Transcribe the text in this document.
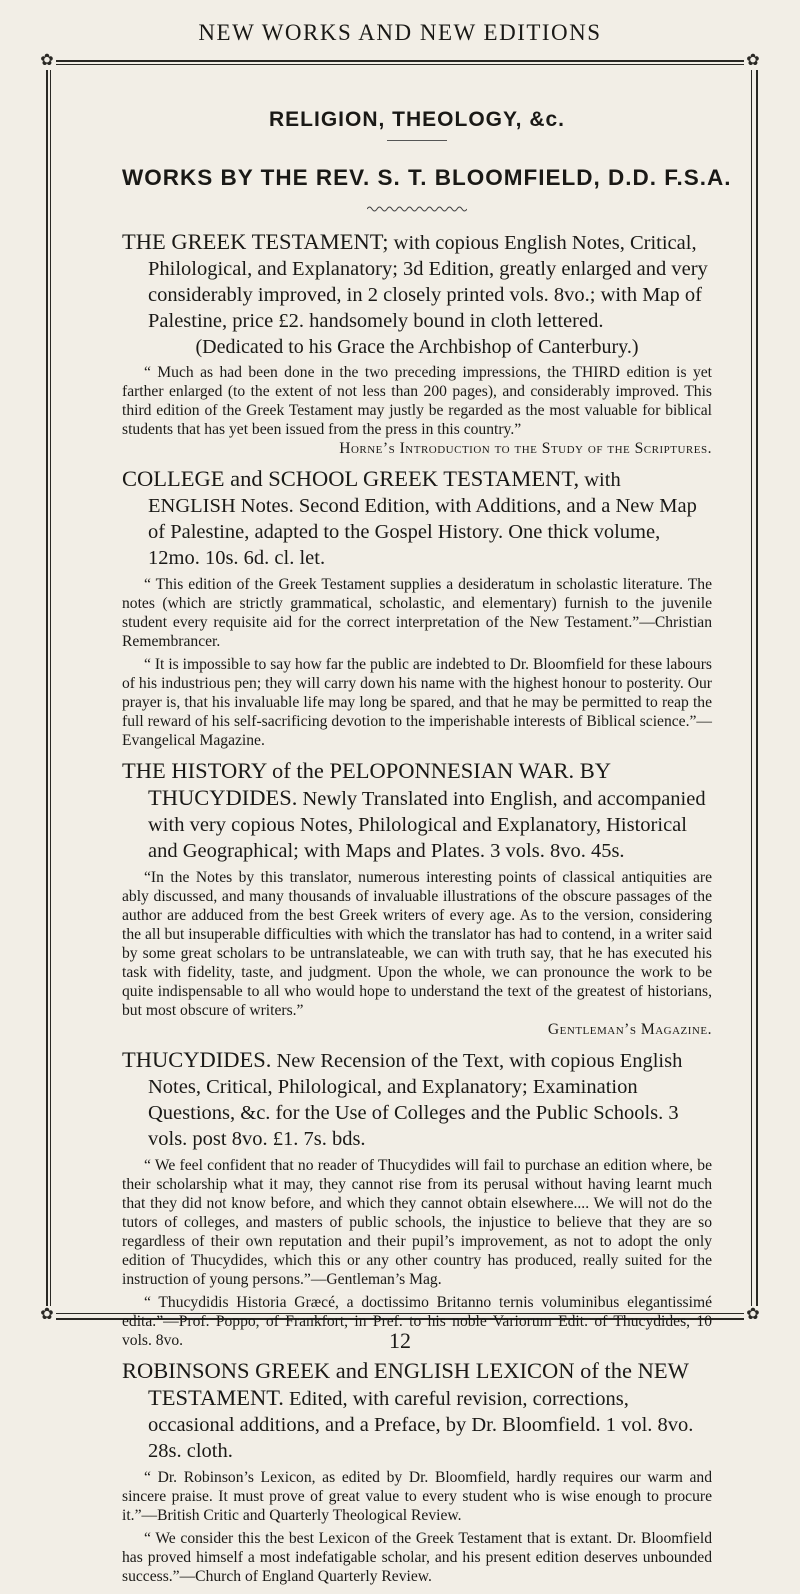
NEW WORKS AND NEW EDITIONS
✿	✿
✿	✿
RELIGION, THEOLOGY, &c.
WORKS BY THE REV. S. T. BLOOMFIELD, D.D. F.S.A.
THE GREEK TESTAMENT; with copious English Notes, Critical, Philological, and Explanatory; 3d Edition, greatly enlarged and very considerably improved, in 2 closely printed vols. 8vo.; with Map of Palestine, price £2. handsomely bound in cloth lettered.
(Dedicated to his Grace the Archbishop of Canterbury.)
“ Much as had been done in the two preceding impressions, the THIRD edition is yet farther enlarged (to the extent of not less than 200 pages), and considerably improved. This third edition of the Greek Testament may justly be regarded as the most valuable for biblical students that has yet been issued from the press in this country.”
Horne’s Introduction to the Study of the Scriptures.
COLLEGE and SCHOOL GREEK TESTAMENT, with ENGLISH Notes. Second Edition, with Additions, and a New Map of Palestine, adapted to the Gospel History. One thick volume, 12mo. 10s. 6d. cl. let.
“ This edition of the Greek Testament supplies a desideratum in scholastic literature. The notes (which are strictly grammatical, scholastic, and elementary) furnish to the juvenile student every requisite aid for the correct interpretation of the New Testament.”—Christian Remembrancer.
“ It is impossible to say how far the public are indebted to Dr. Bloomfield for these labours of his industrious pen; they will carry down his name with the highest honour to posterity. Our prayer is, that his invaluable life may long be spared, and that he may be permitted to reap the full reward of his self-sacrificing devotion to the imperishable interests of Biblical science.”—Evangelical Magazine.
THE HISTORY of the PELOPONNESIAN WAR. BY THUCYDIDES. Newly Translated into English, and accompanied with very copious Notes, Philological and Explanatory, Historical and Geographical; with Maps and Plates. 3 vols. 8vo. 45s.
“In the Notes by this translator, numerous interesting points of classical antiquities are ably discussed, and many thousands of invaluable illustrations of the obscure passages of the author are adduced from the best Greek writers of every age. As to the version, considering the all but insuperable difficulties with which the translator has had to contend, in a writer said by some great scholars to be untranslateable, we can with truth say, that he has executed his task with fidelity, taste, and judgment. Upon the whole, we can pronounce the work to be quite indispensable to all who would hope to understand the text of the greatest of historians, but most obscure of writers.”
Gentleman’s Magazine.
THUCYDIDES. New Recension of the Text, with copious English Notes, Critical, Philological, and Explanatory; Examination Questions, &c. for the Use of Colleges and the Public Schools. 3 vols. post 8vo. £1. 7s. bds.
“ We feel confident that no reader of Thucydides will fail to purchase an edition where, be their scholarship what it may, they cannot rise from its perusal without having learnt much that they did not know before, and which they cannot obtain elsewhere.... We will not do the tutors of colleges, and masters of public schools, the injustice to believe that they are so regardless of their own reputation and their pupil’s improvement, as not to adopt the only edition of Thucydides, which this or any other country has produced, really suited for the instruction of young persons.”—Gentleman’s Mag.
“ Thucydidis Historia Græcé, a doctissimo Britanno ternis voluminibus elegantissimé edita.”—Prof. Poppo, of Frankfort, in Pref. to his noble Variorum Edit. of Thucydides, 10 vols. 8vo.
ROBINSONS GREEK and ENGLISH LEXICON of the NEW TESTAMENT. Edited, with careful revision, corrections, occasional additions, and a Preface, by Dr. Bloomfield. 1 vol. 8vo. 28s. cloth.
“ Dr. Robinson’s Lexicon, as edited by Dr. Bloomfield, hardly requires our warm and sincere praise. It must prove of great value to every student who is wise enough to procure it.”—British Critic and Quarterly Theological Review.
“ We consider this the best Lexicon of the Greek Testament that is extant. Dr. Bloomfield has proved himself a most indefatigable scholar, and his present edition deserves unbounded success.”—Church of England Quarterly Review.
12
